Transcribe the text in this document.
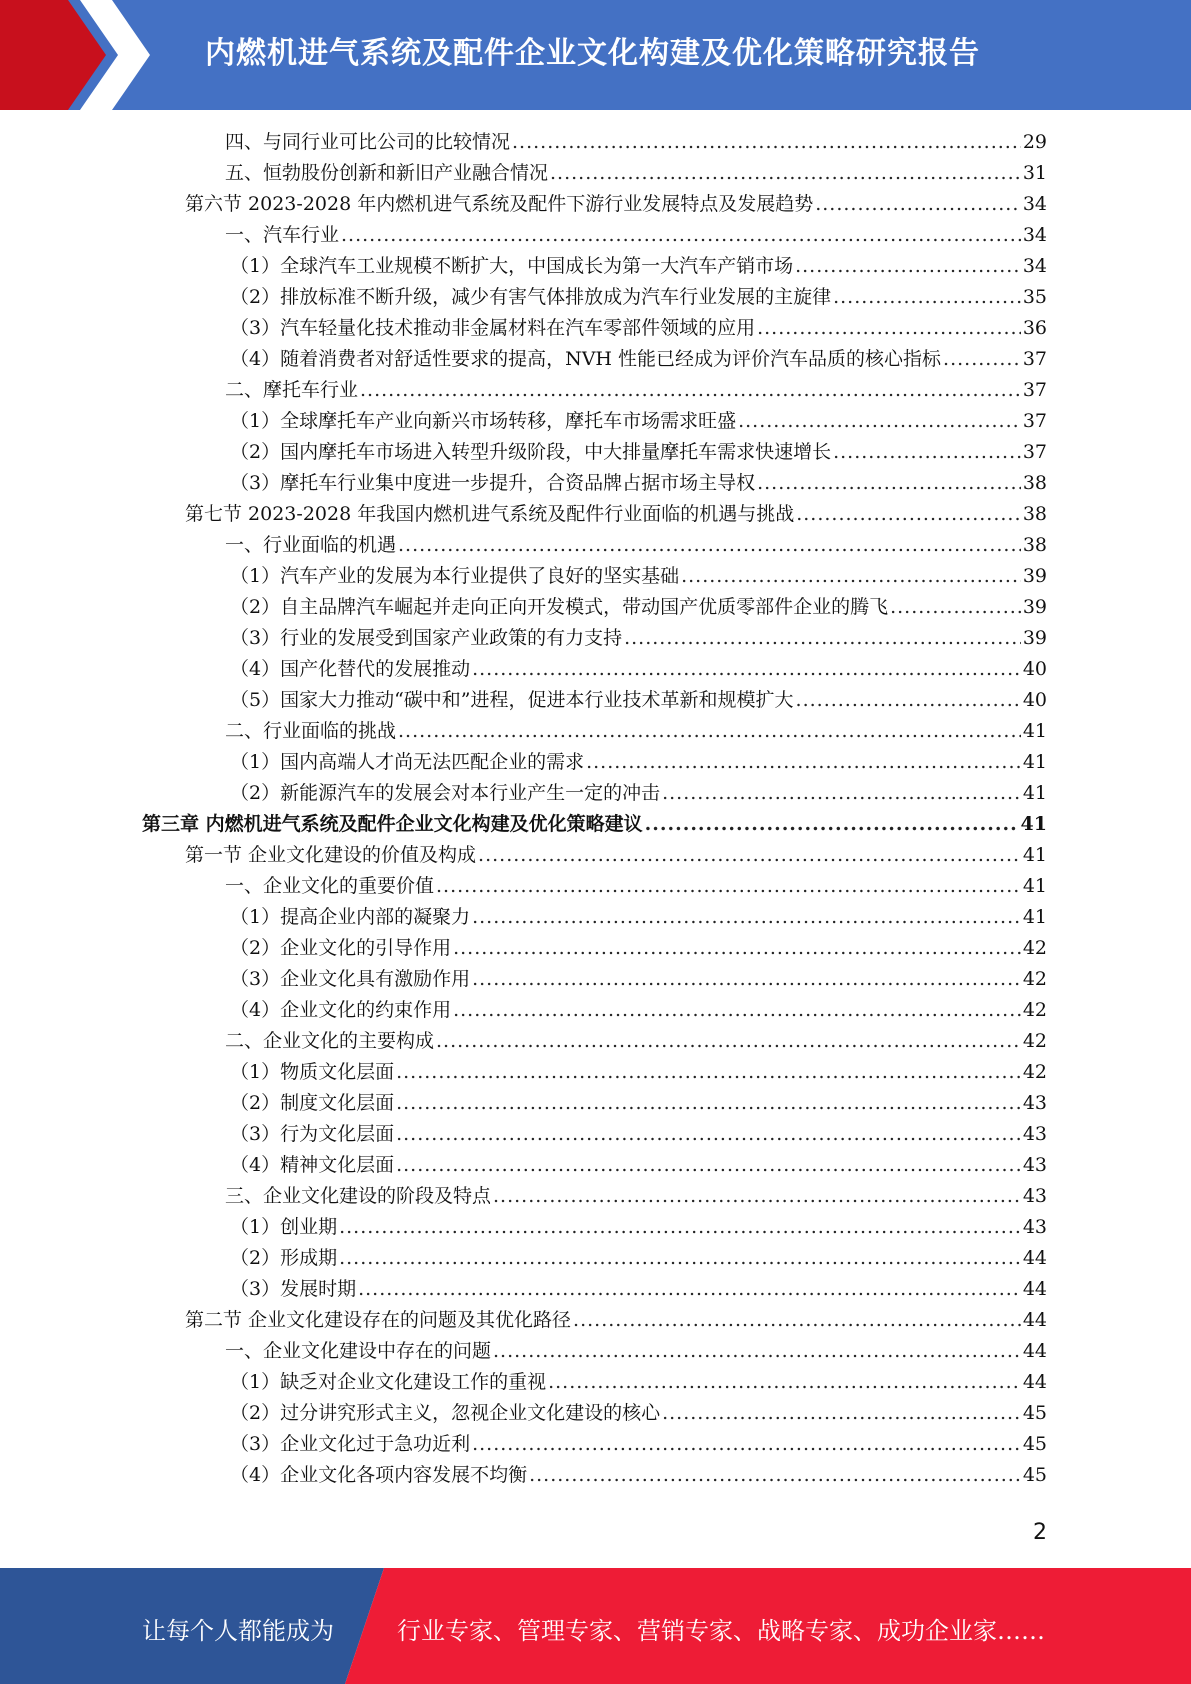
内燃机进气系统及配件企业文化构建及优化策略研究报告
四、与同行业可比公司的比较情况 .....	29
五、恒勃股份创新和新旧产业融合情况 .....	31
第六节 2023-2028 年内燃机进气系统及配件下游行业发展特点及发展趋势 .....	34
一、汽车行业 .....	34
（1）全球汽车工业规模不断扩大，中国成长为第一大汽车产销市场 .....	34
（2）排放标准不断升级，减少有害气体排放成为汽车行业发展的主旋律 .....	35
（3）汽车轻量化技术推动非金属材料在汽车零部件领域的应用 .....	36
（4）随着消费者对舒适性要求的提高，NVH 性能已经成为评价汽车品质的核心指标 .....	37
二、摩托车行业 .....	37
（1）全球摩托车产业向新兴市场转移，摩托车市场需求旺盛 .....	37
（2）国内摩托车市场进入转型升级阶段，中大排量摩托车需求快速增长 .....	37
（3）摩托车行业集中度进一步提升，合资品牌占据市场主导权 .....	38
第七节 2023-2028 年我国内燃机进气系统及配件行业面临的机遇与挑战 .....	38
一、行业面临的机遇 .....	38
（1）汽车产业的发展为本行业提供了良好的坚实基础 .....	39
（2）自主品牌汽车崛起并走向正向开发模式，带动国产优质零部件企业的腾飞 .....	39
（3）行业的发展受到国家产业政策的有力支持 .....	39
（4）国产化替代的发展推动 .....	40
（5）国家大力推动“碳中和”进程，促进本行业技术革新和规模扩大 .....	40
二、行业面临的挑战 .....	41
（1）国内高端人才尚无法匹配企业的需求 .....	41
（2）新能源汽车的发展会对本行业产生一定的冲击 .....	41
第三章 内燃机进气系统及配件企业文化构建及优化策略建议 .....	41
第一节 企业文化建设的价值及构成 .....	41
一、企业文化的重要价值 .....	41
（1）提高企业内部的凝聚力 .....	41
（2）企业文化的引导作用 .....	42
（3）企业文化具有激励作用 .....	42
（4）企业文化的约束作用 .....	42
二、企业文化的主要构成 .....	42
（1）物质文化层面 .....	42
（2）制度文化层面 .....	43
（3）行为文化层面 .....	43
（4）精神文化层面 .....	43
三、企业文化建设的阶段及特点 .....	43
（1）创业期 .....	43
（2）形成期 .....	44
（3）发展时期 .....	44
第二节 企业文化建设存在的问题及其优化路径 .....	44
一、企业文化建设中存在的问题 .....	44
（1）缺乏对企业文化建设工作的重视 .....	44
（2）过分讲究形式主义，忽视企业文化建设的核心 .....	45
（3）企业文化过于急功近利 .....	45
（4）企业文化各项内容发展不均衡 .....	45
2
让每个人都能成为	行业专家、管理专家、营销专家、战略专家、成功企业家……
